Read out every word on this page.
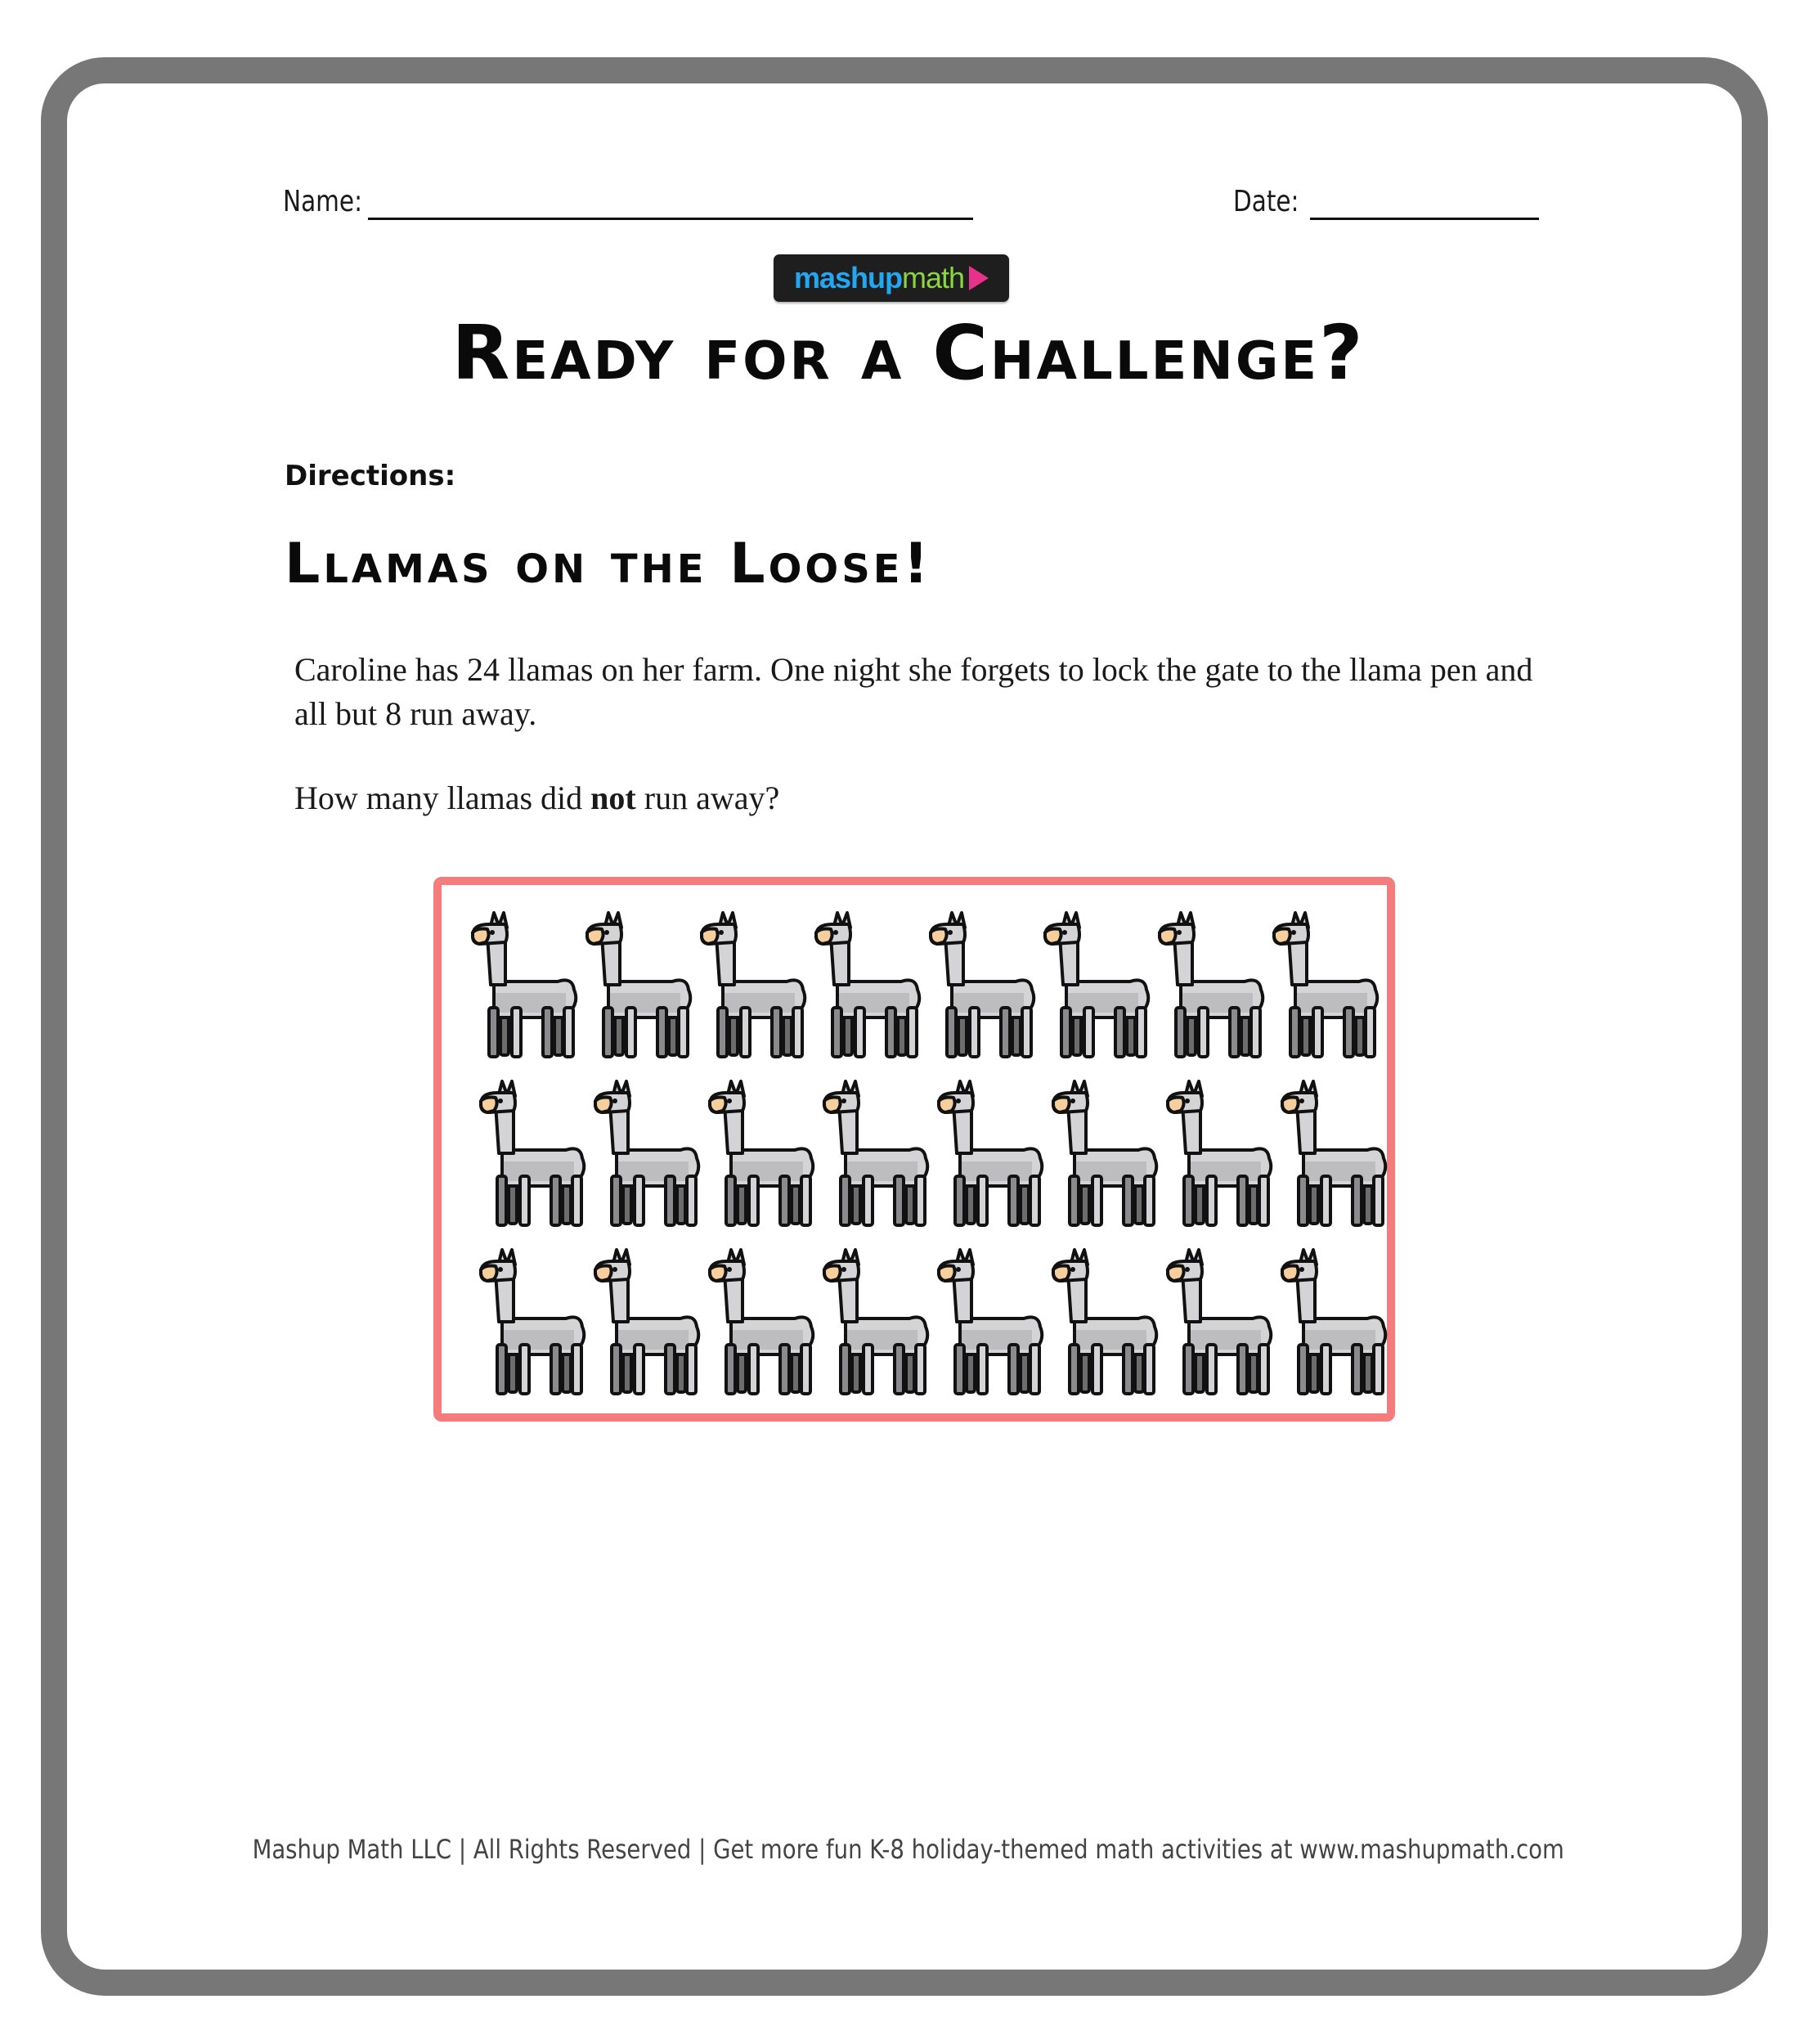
Name:	Date:
mashup math
Ready for a Challenge?
Directions:
Llamas on the Loose!
Caroline has 24 llamas on her farm. One night she forgets to lock the gate to the llama pen and all but 8 run away.
How many llamas did not run away?
Mashup Math LLC | All Rights Reserved | Get more fun K-8 holiday-themed math activities at www.mashupmath.com
